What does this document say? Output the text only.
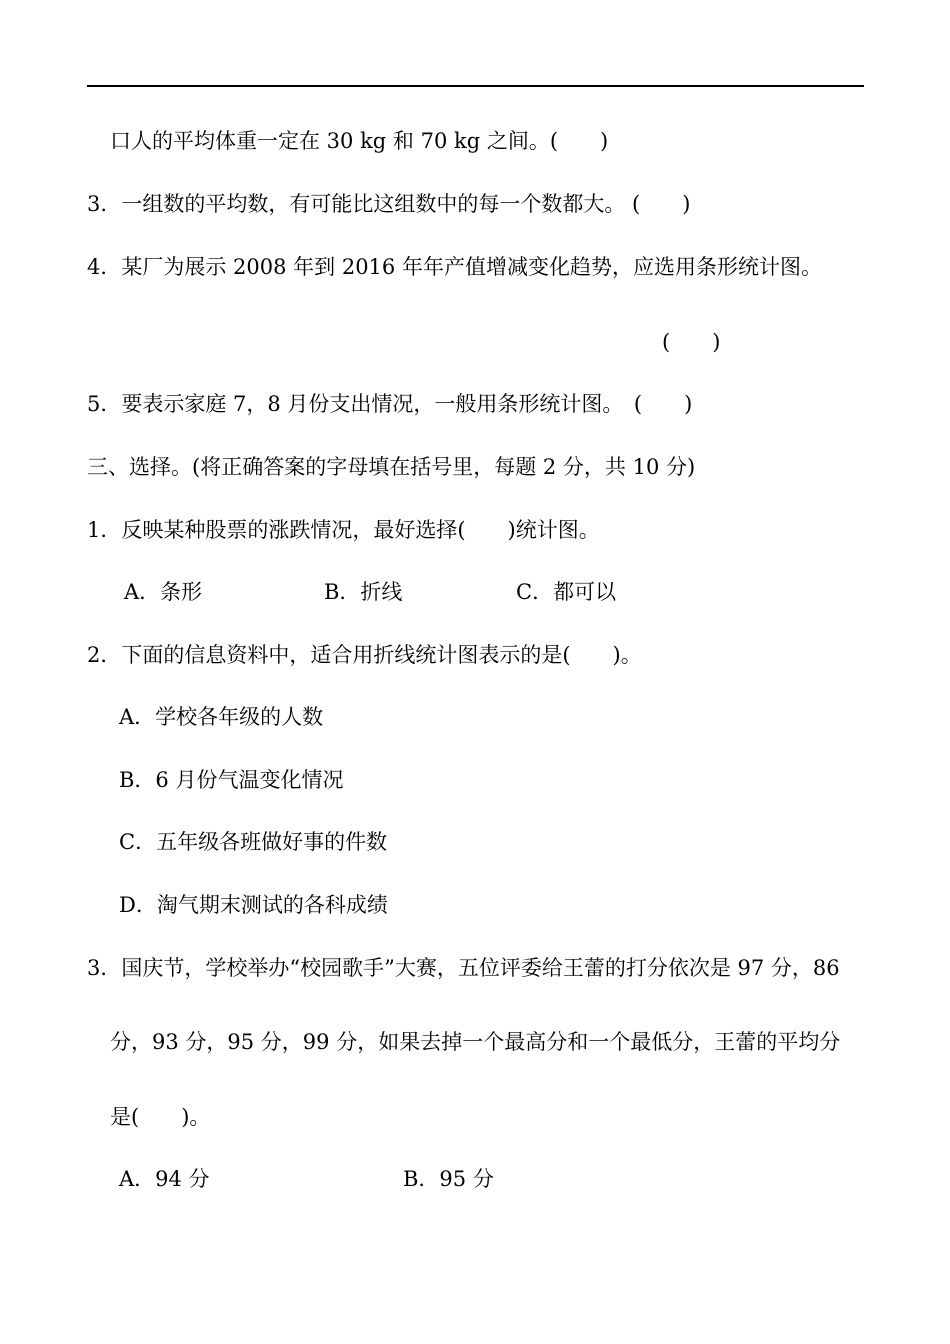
口人的平均体重一定在 30 kg 和 70 kg 之间。(　　)
3．一组数的平均数，有可能比这组数中的每一个数都大。 (　　)
4．某厂为展示 2008 年到 2016 年年产值增减变化趋势，应选用条形统计图。
(　　)
5．要表示家庭 7，8 月份支出情况，一般用条形统计图。　(　　)
三、选择。(将正确答案的字母填在括号里，每题 2 分，共 10 分)
1．反映某种股票的涨跌情况，最好选择(　　)统计图。
A．条形	B．折线	C．都可以
2．下面的信息资料中，适合用折线统计图表示的是(　　)。
A．学校各年级的人数
B．6 月份气温变化情况
C．五年级各班做好事的件数
D．淘气期末测试的各科成绩
3．国庆节，学校举办“校园歌手”大赛，五位评委给王蕾的打分依次是 97 分，86
分，93 分，95 分，99 分，如果去掉一个最高分和一个最低分，王蕾的平均分
是(　　)。
A．94 分	B．95 分
